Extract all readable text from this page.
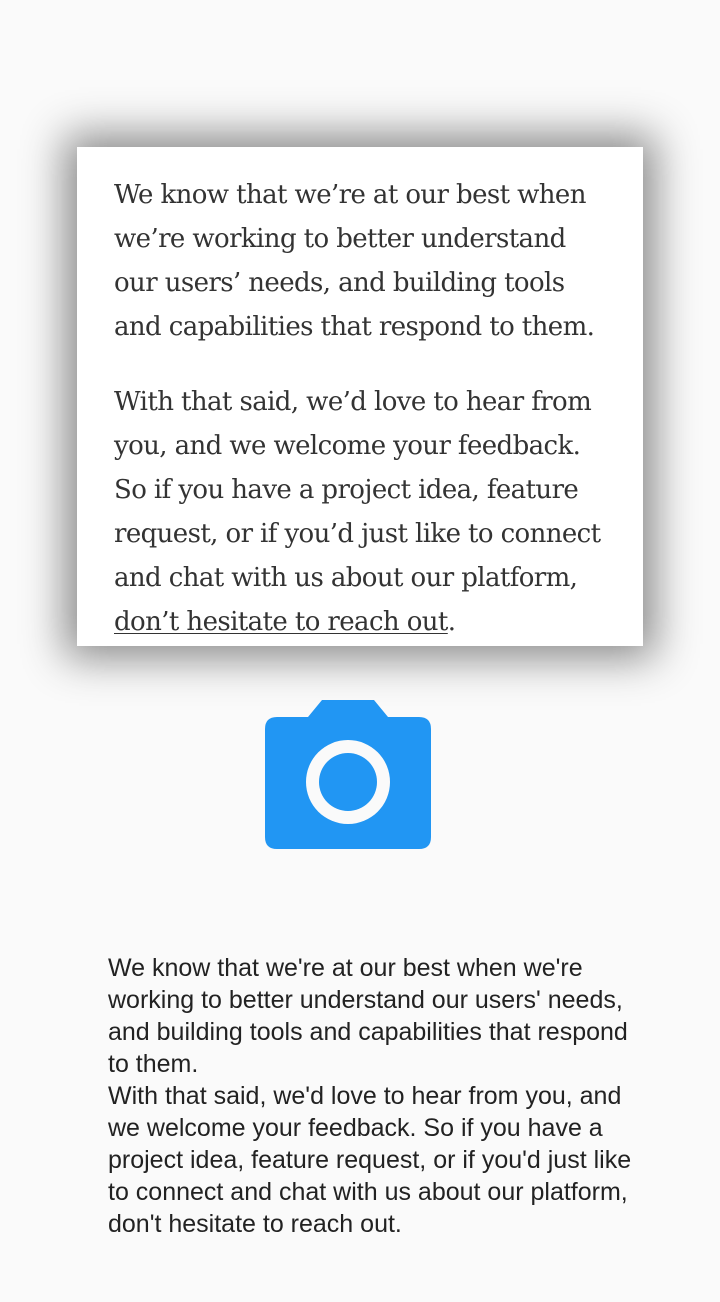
We know that we’re at our best when we’re working to better understand our users’ needs, and building tools and capabilities that respond to them.

With that said, we’d love to hear from you, and we welcome your feedback. So if you have a project idea, feature request, or if you’d just like to connect and chat with us about our platform, don’t hesitate to reach out.

We know that we're at our best when we're working to better understand our users' needs, and building tools and capabilities that respond to them.
With that said, we'd love to hear from you, and we welcome your feedback. So if you have a project idea, feature request, or if you'd just like to connect and chat with us about our platform, don't hesitate to reach out.
